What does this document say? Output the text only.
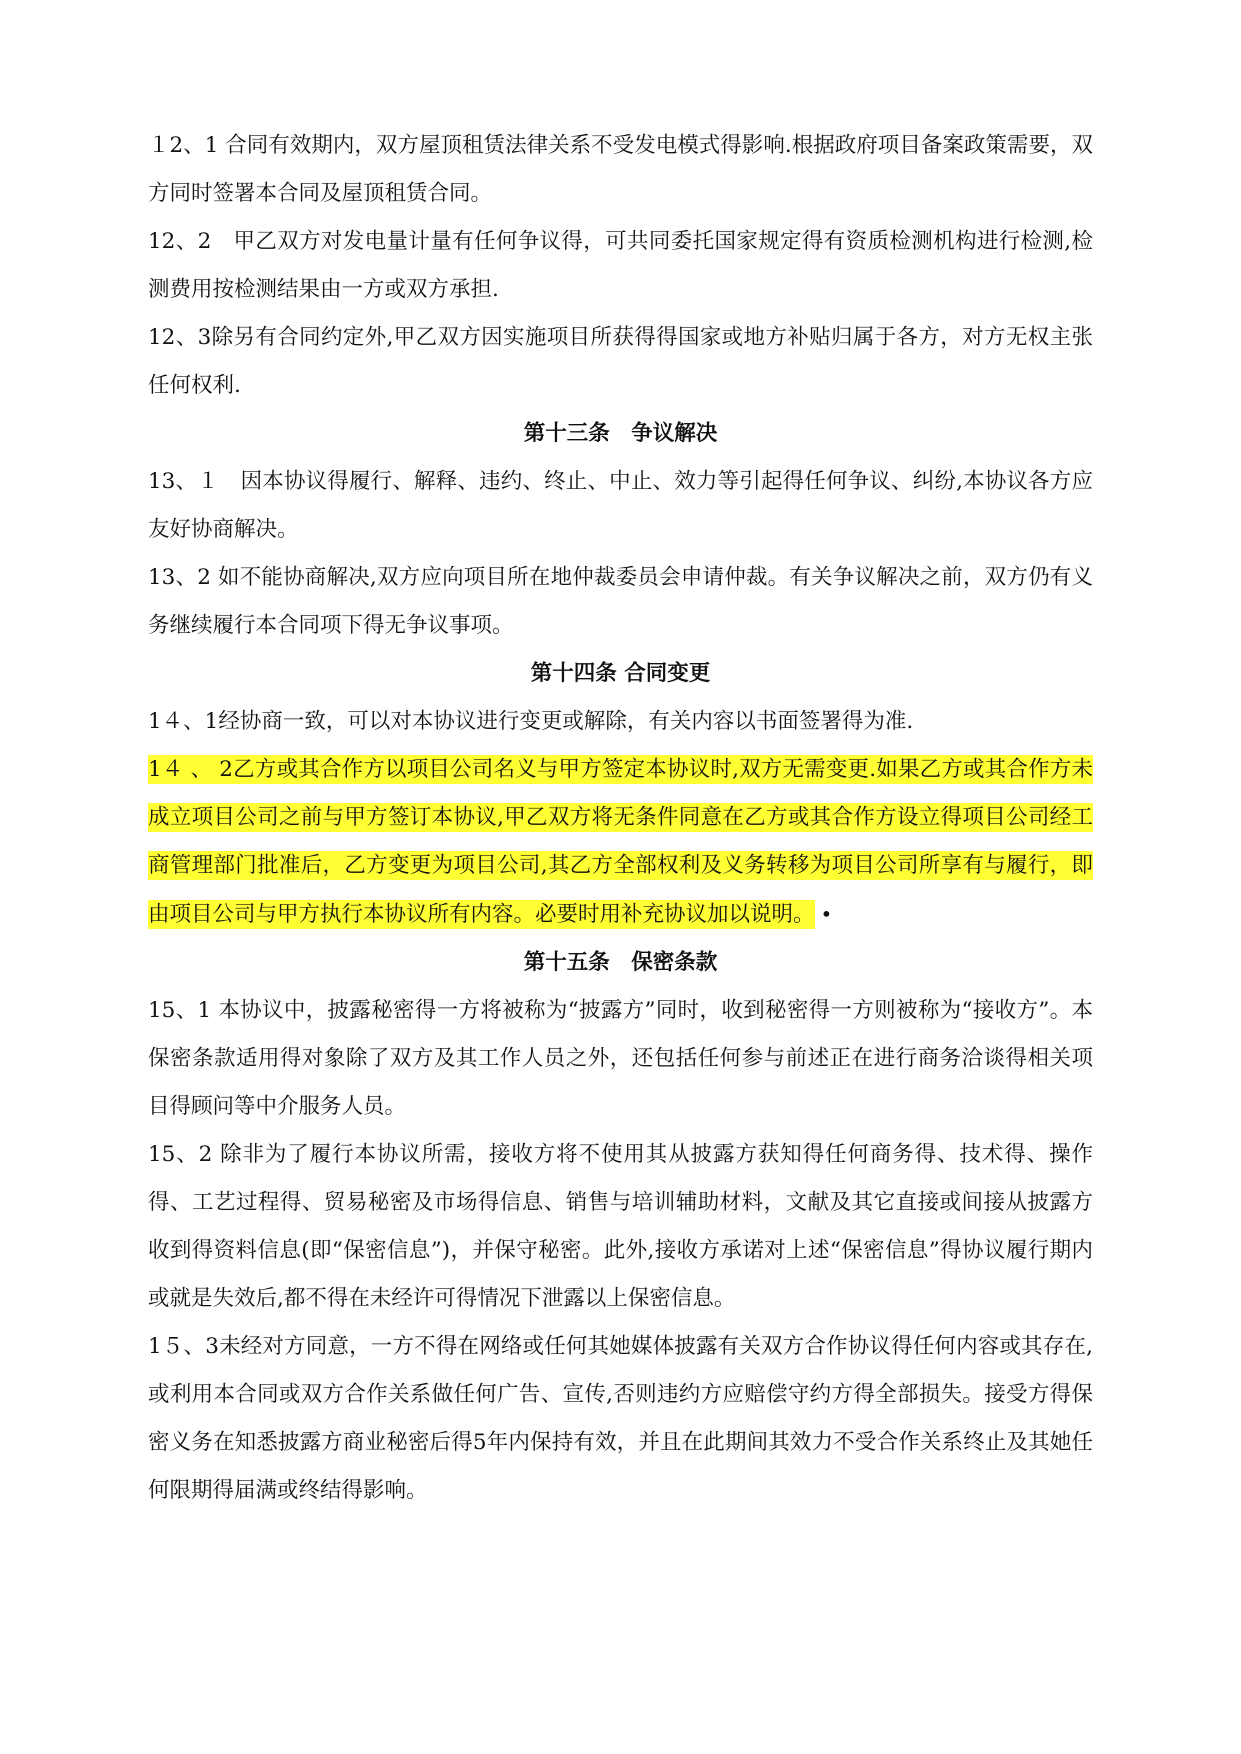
１2、1 合同有效期内，双方屋顶租赁法律关系不受发电模式得影响.根据政府项目备案政策需要，双方同时签署本合同及屋顶租赁合同。

12、2　甲乙双方对发电量计量有任何争议得，可共同委托国家规定得有资质检测机构进行检测,检测费用按检测结果由一方或双方承担.

12、3除另有合同约定外,甲乙双方因实施项目所获得得国家或地方补贴归属于各方，对方无权主张任何权利.

第十三条　争议解决

13、１　因本协议得履行、解释、违约、终止、中止、效力等引起得任何争议、纠纷,本协议各方应友好协商解决。

13、2 如不能协商解决,双方应向项目所在地仲裁委员会申请仲裁。有关争议解决之前，双方仍有义务继续履行本合同项下得无争议事项。

第十四条 合同变更

1４、1经协商一致，可以对本协议进行变更或解除，有关内容以书面签署得为准.

1４ 、 2乙方或其合作方以项目公司名义与甲方签定本协议时,双方无需变更.如果乙方或其合作方未成立项目公司之前与甲方签订本协议,甲乙双方将无条件同意在乙方或其合作方设立得项目公司经工商管理部门批准后，乙方变更为项目公司,其乙方全部权利及义务转移为项目公司所享有与履行，即由项目公司与甲方执行本协议所有内容。必要时用补充协议加以说明。 •

第十五条　保密条款

15、1 本协议中，披露秘密得一方将被称为“披露方”同时，收到秘密得一方则被称为“接收方”。本保密条款适用得对象除了双方及其工作人员之外，还包括任何参与前述正在进行商务洽谈得相关项目得顾问等中介服务人员。

15、2 除非为了履行本协议所需，接收方将不使用其从披露方获知得任何商务得、技术得、操作得、工艺过程得、贸易秘密及市场得信息、销售与培训辅助材料，文献及其它直接或间接从披露方收到得资料信息(即“保密信息”)，并保守秘密。此外,接收方承诺对上述“保密信息”得协议履行期内或就是失效后,都不得在未经许可得情况下泄露以上保密信息。

1５、3未经对方同意，一方不得在网络或任何其她媒体披露有关双方合作协议得任何内容或其存在,或利用本合同或双方合作关系做任何广告、宣传,否则违约方应赔偿守约方得全部损失。接受方得保密义务在知悉披露方商业秘密后得5年内保持有效，并且在此期间其效力不受合作关系终止及其她任何限期得届满或终结得影响。
